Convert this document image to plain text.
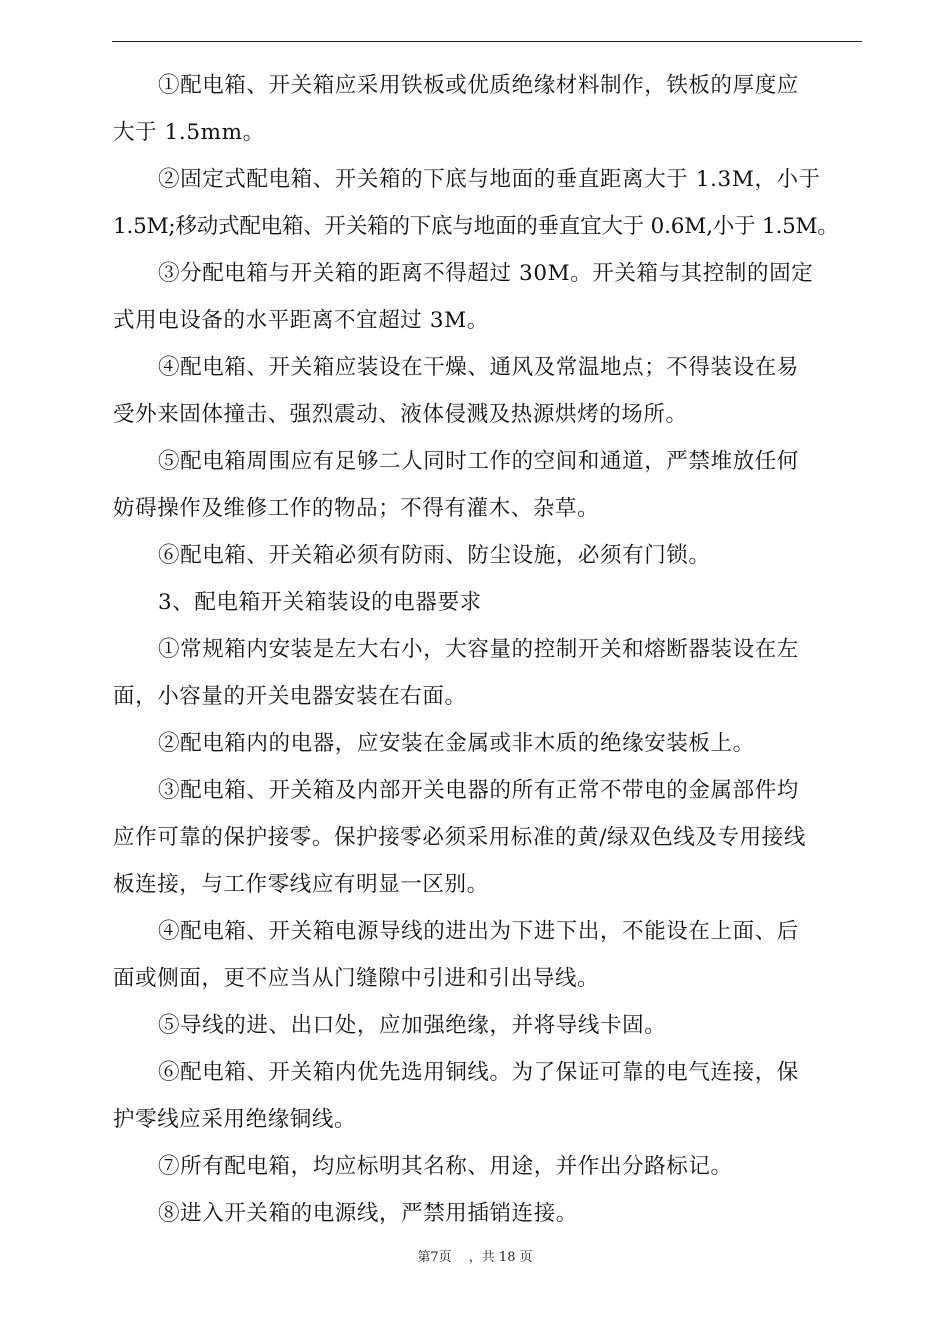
①配电箱、开关箱应采用铁板或优质绝缘材料制作，铁板的厚度应
大于 1.5mm。

②固定式配电箱、开关箱的下底与地面的垂直距离大于 1.3M，小于
1.5M;移动式配电箱、开关箱的下底与地面的垂直宜大于 0.6M,小于 1.5M。

③分配电箱与开关箱的距离不得超过 30M。开关箱与其控制的固定
式用电设备的水平距离不宜超过 3M。

④配电箱、开关箱应装设在干燥、通风及常温地点；不得装设在易
受外来固体撞击、强烈震动、液体侵溅及热源烘烤的场所。

⑤配电箱周围应有足够二人同时工作的空间和通道，严禁堆放任何
妨碍操作及维修工作的物品；不得有灌木、杂草。

⑥配电箱、开关箱必须有防雨、防尘设施，必须有门锁。

3、配电箱开关箱装设的电器要求

①常规箱内安装是左大右小，大容量的控制开关和熔断器装设在左
面，小容量的开关电器安装在右面。

②配电箱内的电器，应安装在金属或非木质的绝缘安装板上。

③配电箱、开关箱及内部开关电器的所有正常不带电的金属部件均
应作可靠的保护接零。保护接零必须采用标准的黄/绿双色线及专用接线
板连接，与工作零线应有明显一区别。

④配电箱、开关箱电源导线的进出为下进下出，不能设在上面、后
面或侧面，更不应当从门缝隙中引进和引出导线。

⑤导线的进、出口处，应加强绝缘，并将导线卡固。

⑥配电箱、开关箱内优先选用铜线。为了保证可靠的电气连接，保
护零线应采用绝缘铜线。

⑦所有配电箱，均应标明其名称、用途，并作出分路标记。

⑧进入开关箱的电源线，严禁用插销连接。

第7页　 ，共 18 页
